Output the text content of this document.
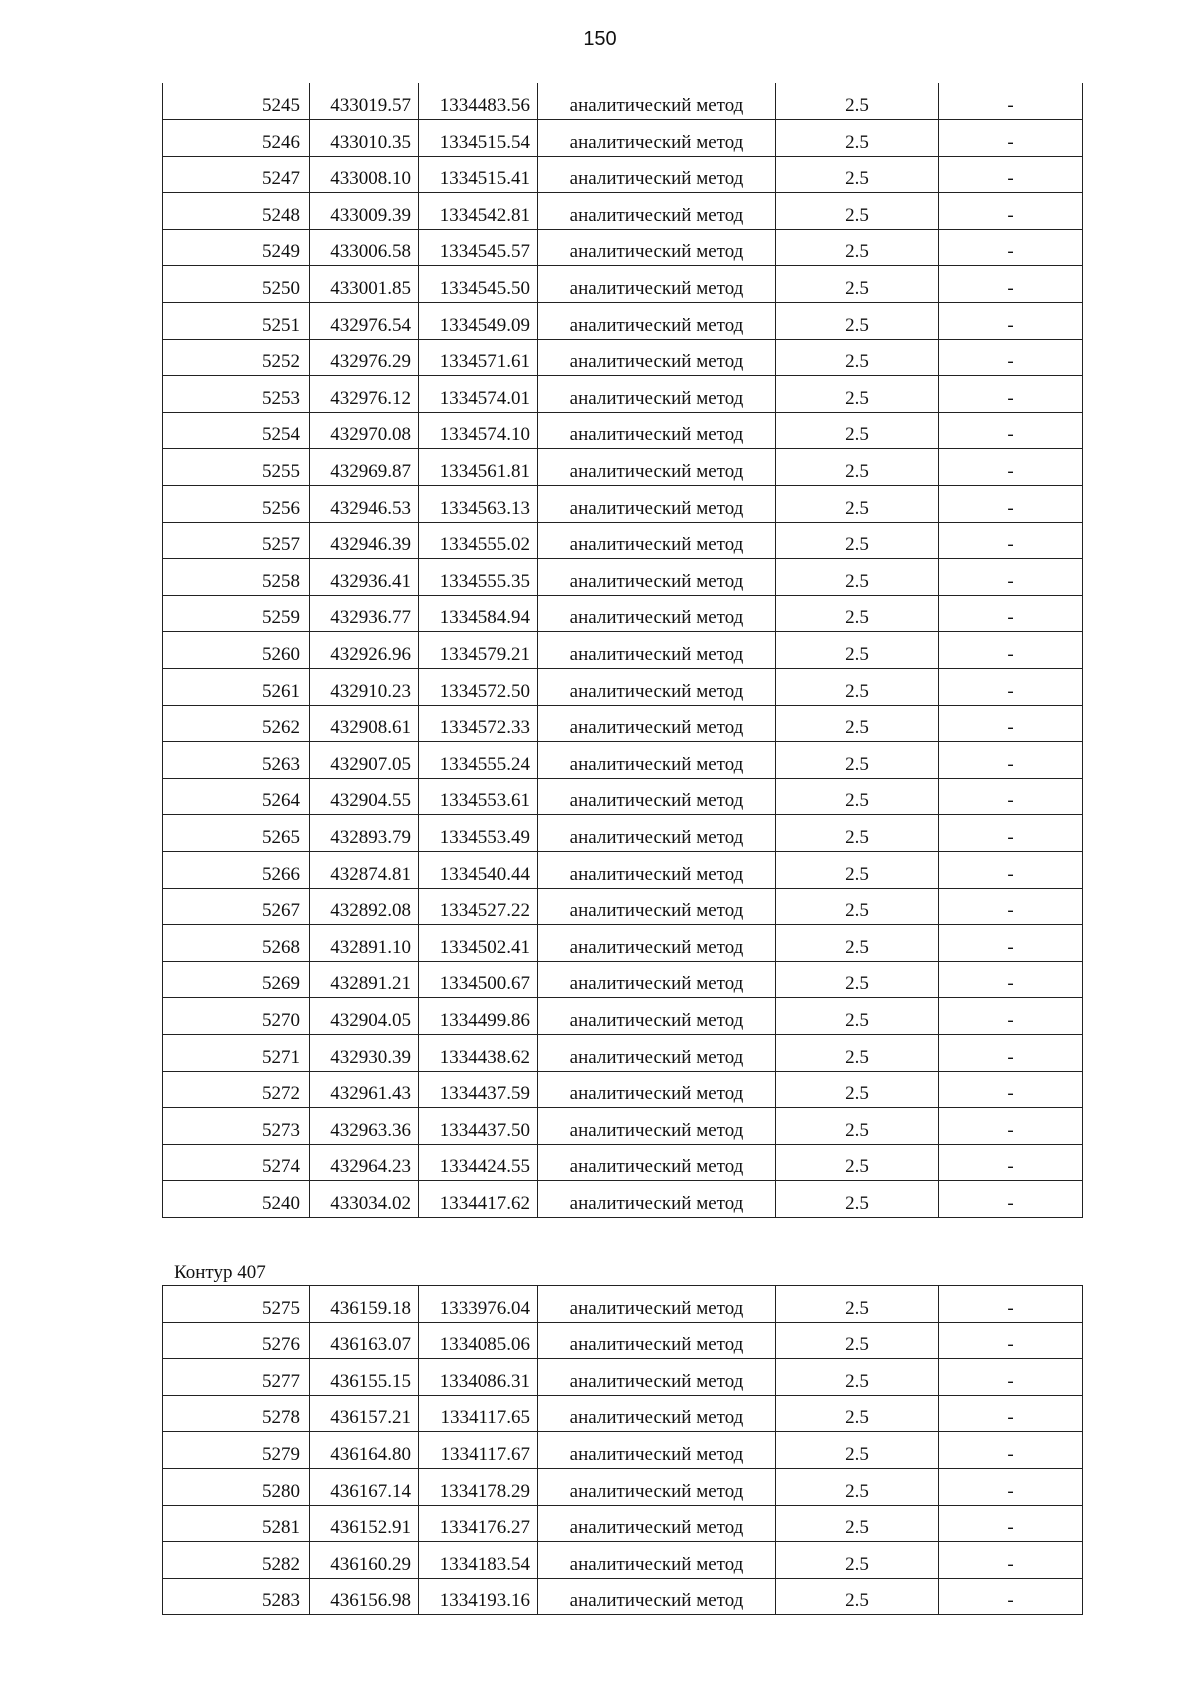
150
5245	433019.57	1334483.56	аналитический метод	2.5	-
5246	433010.35	1334515.54	аналитический метод	2.5	-
5247	433008.10	1334515.41	аналитический метод	2.5	-
5248	433009.39	1334542.81	аналитический метод	2.5	-
5249	433006.58	1334545.57	аналитический метод	2.5	-
5250	433001.85	1334545.50	аналитический метод	2.5	-
5251	432976.54	1334549.09	аналитический метод	2.5	-
5252	432976.29	1334571.61	аналитический метод	2.5	-
5253	432976.12	1334574.01	аналитический метод	2.5	-
5254	432970.08	1334574.10	аналитический метод	2.5	-
5255	432969.87	1334561.81	аналитический метод	2.5	-
5256	432946.53	1334563.13	аналитический метод	2.5	-
5257	432946.39	1334555.02	аналитический метод	2.5	-
5258	432936.41	1334555.35	аналитический метод	2.5	-
5259	432936.77	1334584.94	аналитический метод	2.5	-
5260	432926.96	1334579.21	аналитический метод	2.5	-
5261	432910.23	1334572.50	аналитический метод	2.5	-
5262	432908.61	1334572.33	аналитический метод	2.5	-
5263	432907.05	1334555.24	аналитический метод	2.5	-
5264	432904.55	1334553.61	аналитический метод	2.5	-
5265	432893.79	1334553.49	аналитический метод	2.5	-
5266	432874.81	1334540.44	аналитический метод	2.5	-
5267	432892.08	1334527.22	аналитический метод	2.5	-
5268	432891.10	1334502.41	аналитический метод	2.5	-
5269	432891.21	1334500.67	аналитический метод	2.5	-
5270	432904.05	1334499.86	аналитический метод	2.5	-
5271	432930.39	1334438.62	аналитический метод	2.5	-
5272	432961.43	1334437.59	аналитический метод	2.5	-
5273	432963.36	1334437.50	аналитический метод	2.5	-
5274	432964.23	1334424.55	аналитический метод	2.5	-
5240	433034.02	1334417.62	аналитический метод	2.5	-
Контур 407
5275	436159.18	1333976.04	аналитический метод	2.5	-
5276	436163.07	1334085.06	аналитический метод	2.5	-
5277	436155.15	1334086.31	аналитический метод	2.5	-
5278	436157.21	1334117.65	аналитический метод	2.5	-
5279	436164.80	1334117.67	аналитический метод	2.5	-
5280	436167.14	1334178.29	аналитический метод	2.5	-
5281	436152.91	1334176.27	аналитический метод	2.5	-
5282	436160.29	1334183.54	аналитический метод	2.5	-
5283	436156.98	1334193.16	аналитический метод	2.5	-
